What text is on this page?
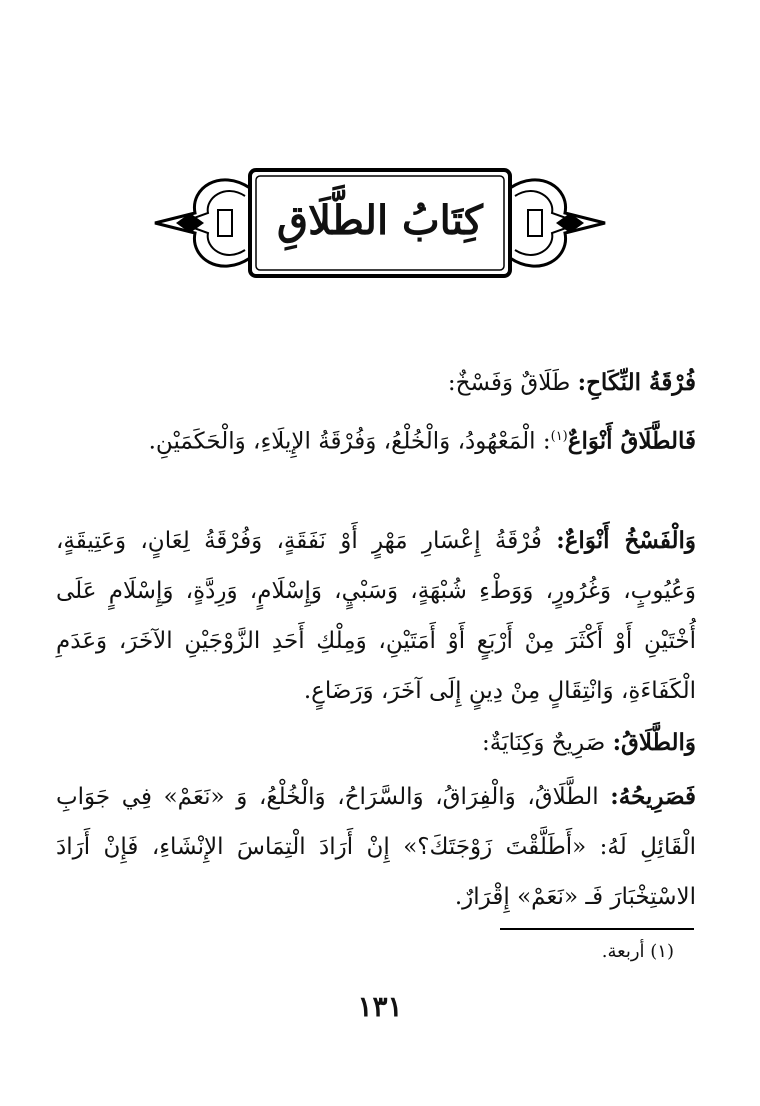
كِتَابُ الطَّلَاقِ
فُرْقَةُ النِّكَاحِ: طَلَاقٌ وَفَسْخٌ:
فَالطَّلَاقُ أَنْوَاعٌ$^{(١)}$: الْمَعْهُودُ، وَالْخُلْعُ، وَفُرْقَةُ الإِيلَاءِ، وَالْحَكَمَيْنِ.
وَالْفَسْخُ أَنْوَاعٌ: فُرْقَةُ إِعْسَارِ مَهْرٍ أَوْ نَفَقَةٍ، وَفُرْقَةُ لِعَانٍ، وَعَتِيقَةٍ، وَعُيُوبٍ، وَغُرُورٍ، وَوَطْءِ شُبْهَةٍ، وَسَبْيٍ، وَإِسْلَامٍ، وَرِدَّةٍ، وَإِسْلَامٍ عَلَى أُخْتَيْنِ أَوْ أَكْثَرَ مِنْ أَرْبَعٍ أَوْ أَمَتَيْنِ، وَمِلْكِ أَحَدِ الزَّوْجَيْنِ الآخَرَ، وَعَدَمِ الْكَفَاءَةِ، وَانْتِقَالٍ مِنْ دِينٍ إِلَى آخَرَ، وَرَضَاعٍ.
وَالطَّلَاقُ: صَرِيحٌ وَكِنَايَةٌ:
فَصَرِيحُهُ: الطَّلَاقُ، وَالْفِرَاقُ، وَالسَّرَاحُ، وَالْخُلْعُ، وَ «نَعَمْ» فِي جَوَابِ الْقَائِلِ لَهُ: «أَطَلَّقْتَ زَوْجَتَكَ؟» إِنْ أَرَادَ الْتِمَاسَ الإِنْشَاءِ، فَإِنْ أَرَادَ الاسْتِخْبَارَ فَـ «نَعَمْ» إِقْرَارٌ.
(١) أربعة.
١٣١
